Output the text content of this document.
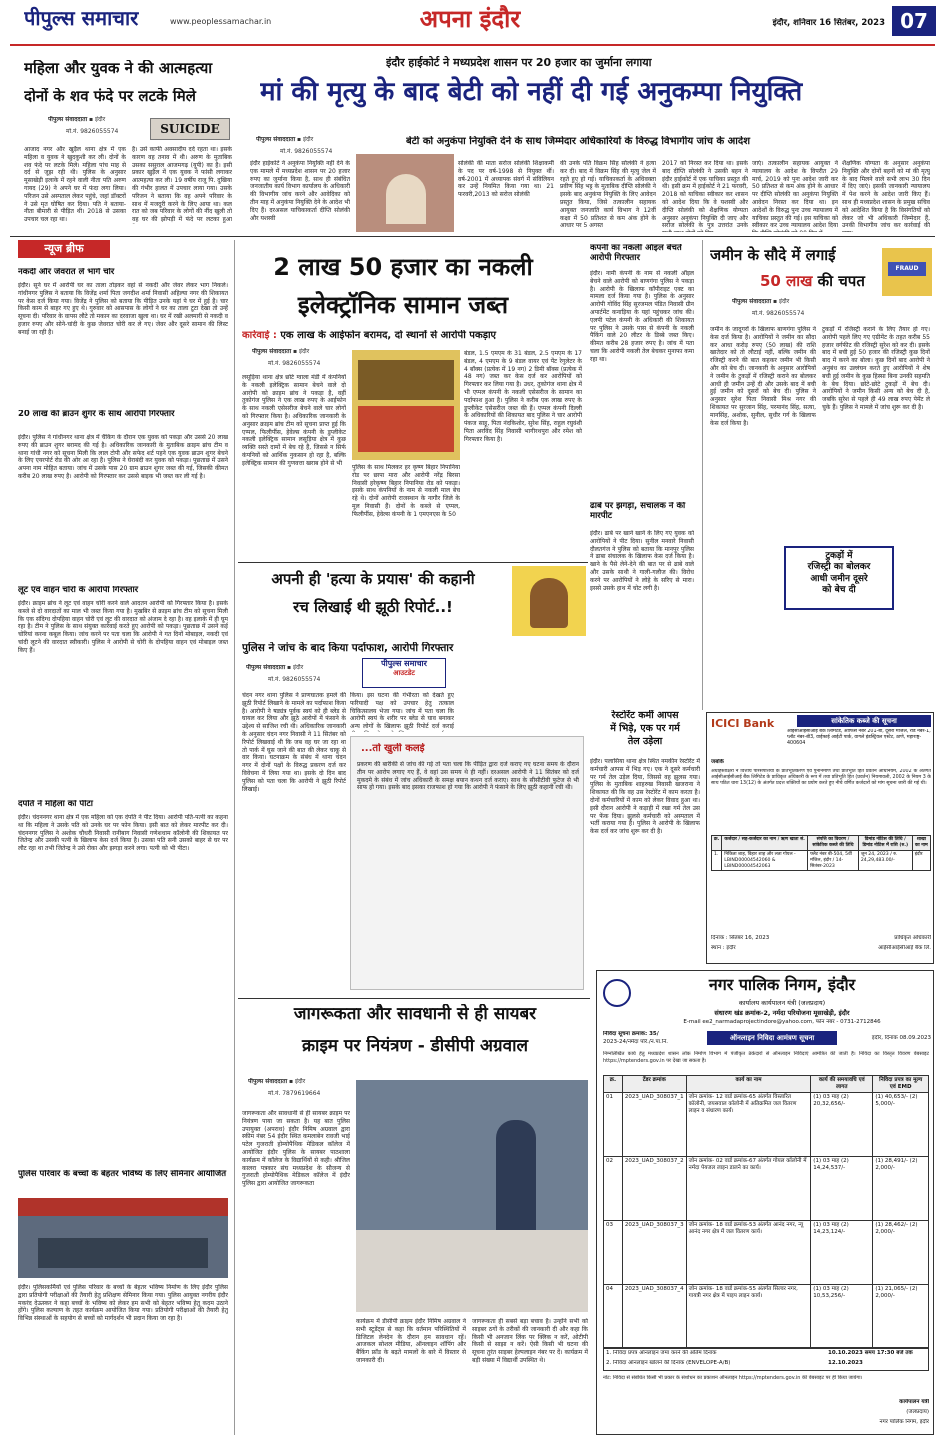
पीपुल्स समाचार	www.peoplessamachar.in	अपना इंदौर	इंदौर, शनिवार 16 सितंबर, 2023 07
महिला और युवक ने की आत्महत्या
दोनों के शव फंदे पर लटके मिले
पीपुल्स संवाददाता ▪ इंदौर
मो.नं. 9826055574	SUICIDE
आजाद नगर और खुड़ैल थाना क्षेत्र में एक महिला व युवक ने खुदकुशी कर ली। दोनों के शव फंदे पर लटके मिले। महिला पांच माह से दर्द से जूझ रही थी। पुलिस के अनुसार मूसाखेड़ी इलाके में रहने वाली नीता पति अरुण गायद (29) ने अपने घर में फंदा लगा लिया। परिजन उसे अस्पताल लेकर पहुंचे, जहां डॉक्टरों ने उसे मृत घोषित कर दिया। पति ने बताया-नीता बीमारी से पीड़ित थी। 2018 से उसका उपचार चल रहा था।
है। उसे काफी अवसादीय दर्द रहता था। इसके कारण वह तनाव में थी। अरुण के मुताबिक उसका ससुराल आजमगढ़ (यूपी) का है। इसी प्रकार खुड़ैल में एक युवक ने फांसी लगाकर आत्महत्या कर ली। 19 वर्षीय राजू पि. दुखिया की गंभीर हालत में उपचार लाया गया। उसके परिजन ने बताया कि वह अपने परिवार के साथ में मजदूरी करने के लिए आया था। कल रात को जब परिवार के लोगों की नींद खुली तो वह घर की झोपड़ी में फंदे पर लटका हुआ
इंदौर हाईकोर्ट ने मध्यप्रदेश शासन पर 20 हजार का जुर्माना लगाया
मां की मृत्यु के बाद बेटी को नहीं दी गई अनुकम्पा नियुक्ति
पीपुल्स संवाददाता ▪ इंदौर
मो.नं. 9826055574
बेटी को अनुकंपा नियुक्ति देने के साथ जिम्मेदार अधिकारियों के विरुद्ध विभागीय जांच के आदेश
इंदौर हाईकोर्ट ने अनुकंपा नियुक्ति नहीं देने के एक मामले में मध्यप्रदेश शासन पर 20 हजार रुपए का जुर्माना किया है, साथ ही संबंधित जनजातीय कार्य विभाग कार्यालय के अधिकारी की विभागीय जांच करने और आवेदिका को तीन माह में अनुकंपा नियुक्ति देने के आदेश भी दिए हैं। दरअसल याचिकाकर्ता दीप्ति सोलंकी और यशस्वी
सोलंकी की माता सरोज सोलंकी शिक्षाकर्मी के पद पर वर्ष-1998 से नियुक्त थीं। वर्ष-2001 में अध्यापक संवर्ग में संविलियन कर उन्हें नियमित किया गया था। 21 फरवरी,2013 को सरोज सोलंकी
की उनके पति विक्रम सिंह सोलंकी ने हत्या कर दी। बाद में विक्रम सिंह की मृत्यु जेल में रहते हुए हो गई। याचिकाकर्ता के अधिवक्ता प्रवीण सिंह भट्ट के मुताबिक दीप्ति सोलंकी ने इसके बाद अनुकंपा नियुक्ति के लिए आवेदन प्रस्तुत किया, जिसे तत्कालीन सहायक आयुक्त जनजाति कार्य विभाग ने 12वीं कक्षा में 50 प्रतिशत से कम अंक होने के आधार पर 5 अगस्त
2017 को निरस्त कर दिया था। इसके बाद दीप्ति सोलंकी ने उसकी बहन ने इंदौर हाईकोर्ट में एक याचिका प्रस्तुत की थी। इसी क्रम में हाईकोर्ट ने 21 फरवरी, 2018 को याचिका स्वीकार कर शासन को आदेश दिया कि वे यशस्वी और दीप्ति सोलंकी को शैक्षणिक योग्यता अनुसार अनुकंपा नियुक्ति दी जाए और सरोज सोलंकी के पुत्र उत्तरांत उनके
जाएं। तत्कालीन सहायक आयुक्त ने न्यायालय के आदेश के विपरीत 29 मार्च, 2019 को पुनः आदेश जारी कर 50 प्रतिशत से कम अंक होने के आधार पर दीप्ति सोलंकी का अनुकंपा नियुक्ति आवेदन निरस्त कर दिया था। इन आदेशों के विरुद्ध पुनः उच्च न्यायालय में याचिका प्रस्तुत की गई। इस याचिका को स्वीकार कर उच्च न्यायालय आदेश दिया
शैक्षणिक योग्यता के अनुसार अनुकंपा नियुक्ति और दोनों बहनों को मां की मृत्यु के बाद मिलने वाले सभी लाभ 30 दिन में दिए जाएं। इसकी जानकारी न्यायालय में पेश करने के आदेश जारी किए हैं। साथ ही मध्यप्रदेश शासन के प्रमुख सचिव को आदेशित किया है कि विसंगतियों को लेकर जो भी अधिकारी जिम्मेदार हैं, उनकी विभागीय जांच कर कार्रवाई की
न्यूज ब्रीफ
नकदी और जेवरात ले भागे चोर
इंदौर। सूने घर में आरोपी घर का ताला तोड़कर वहां से नकदी और जेवर लेकर भाग निकले। गांधीनगर पुलिस ने बताया कि विजेंद्र शर्मा पिता जगदीश शर्मा निवासी अहिल्या नगर की शिकायत पर केस दर्ज किया गया। विजेंद्र ने पुलिस को बताया कि पीड़ित उनके यहां पे घर में हुई है। चार किसी काम से बाहर गए हुए थे। गुरुवार को आसपास के लोगों ने घर का ताला टूटा देखा तो उन्हें सूचना दी। परिवार के वापस लौटे तो मकान का दरवाजा खुला था। घर में रखी अलमारी से नकदी व हजार रुपए और सोने-चांदी के कुछ जेवरात चोरी कर ले गए। जेवर और दूसरे सामान की लिस्ट बनाई जा रही है।
20 लाख की ब्राउन शुगर के साथ आरोपी गिरफ्तार
इंदौर। पुलिस ने गांधीनगर थाना क्षेत्र में चैकिंग के दौरान एक युवक को पकड़ा और उससे 20 लाख रुपए की ब्राउन शुगर बरामद की गई है। अधिकारिक जानकारी के मुताबिक क्राइम ब्रांच टीम व थाना गांधी नगर को सूचना मिली कि लाल टोपी और सफेद शर्ट पहने एक युवक ब्राउन शुगर बेचने के लिए एयरपोर्ट रोड की ओर आ रहा है। पुलिस ने घेराबंदी कर युवक को पकड़ा। पूछताछ में उसने अपना नाम मोहित बताया। जांच में उसके पास 20 ग्राम ब्राउन शुगर जब्त की गई, जिसकी कीमत करीब 20 लाख रुपए है। आरोपी को गिरफ्तार कर उससे बाइक भी जब्त कर ली गई है।
लूट एवं वाहन चोरों के आरोपी गिरफ्तार
इंदौर। क्राइम ब्रांच ने लूट एवं वाहन चोरी करने वाले आदतन आरोपी को गिरफ्तार किया है। इसके कब्जे से दो वारदातों का माल भी जब्त किया गया है। मुखबिर से क्राइम ब्रांच टीम को सूचना मिली कि एक संदिग्ध दोपहिया वाहन चोरी एवं लूट की वारदात को अंजाम दे रहा है। वह इलाके में ही घूम रहा है। टीम ने पुलिस के साथ संयुक्त कार्रवाई करते हुए आरोपी को पकड़ा। पूछताछ में उसने कई चोरियां करना कबूल किया। जांच करने पर पता चला कि आरोपी ने गत दिनों मोबाइल, नकदी एवं चांदी लूटने की वारदात स्वीकारी। पुलिस ने आरोपी से चोरी के दोपहिया वाहन एवं मोबाइल जब्त किए हैं।
दंपति ने महिला को पीटा
इंदौर। चंदननगर थाना क्षेत्र में एक महिला को एक दंपति ने पीट दिया। आरोपी पति-पत्नी का कहना था कि महिला ने उसके पति को उनके घर पर फोन किया। इसी बात को लेकर मारपीट कर दी। चंदननगर पुलिस ने अशोक चौधरी निवासी रानीबाग निवासी गणेशधाम कॉलोनी की शिकायत पर जितेन्द्र और उसकी पत्नी के खिलाफ केस दर्ज किया है। उसका पति सनी उसको बाहर से घर पर लौट रहा था तभी जितेन्द्र ने उसे रोका और झगड़ा करने लगा। पत्नी को भी पीटा।
पुलिस परिवार के बच्चों के बेहतर भविष्य के लिए सेमिनार आयोजित
इंदौर। पुलिसकर्मियों एवं पुलिस परिवार के बच्चों के बेहतर भविष्य निर्माण के लिए इंदौर पुलिस द्वारा प्रतियोगी परीक्षाओं की तैयारी हेतु प्रशिक्षण सेमिनार किया गया। पुलिस आयुक्त नगरीय इंदौर मकरंद देऊस्कर ने कहा बच्चों के भविष्य को लेकर हम सभी को बेहतर भविष्य हेतु कदम उठाने होंगे। पुलिस कल्याण के तहत कार्यक्रम आयोजित किया गया। प्रतियोगी परीक्षाओं की तैयारी हेतु विभिन्न संस्थाओं के सहयोग से बच्चों को मार्गदर्शन भी प्रदान किया जा रहा है।
2 लाख 50 हजार का नकली
इलेक्ट्रॉनिक सामान जब्त
कार्रवाई : एक लाख के आईफोन बरामद, दो स्थानों से आरोपी पकड़ाए
पीपुल्स संवाददाता ▪ इंदौर
मो.नं. 9826055574
लसूड़िया थाना क्षेत्र छोटे ग्वाला मंडी में कंपनियों के नकली इलेक्ट्रिक सामान बेचने वाले दो आरोपी को क्राइम ब्रांच ने पकड़ा है, वहीं तुकोगंज पुलिस ने एक लाख रुपए के आईफोन के साथ नकली एसेसरीज बेचने वाले चार लोगों को गिरफ्तार किया है। अधिकारिक जानकारी के अनुसार क्राइम ब्रांच टीम को सूचना प्राप्त हुई कि एप्पल, फिलीपींस, हेवेल्स कंपनी के डुप्लीकेट नकली इलेक्ट्रिक सामान लसूड़िया क्षेत्र में कुछ व्यक्ति सस्ते दामों में बेच रहे हैं, जिससे न सिर्फ कंपनियों को आर्थिक नुकसान हो रहा है, बल्कि इलेक्ट्रिक सामान की गुणवत्ता खराब होने से भी
पुलिस के साथ मिलकर हर कृष्ण बिहार निपानिया रोड पर छापा मारा और आरोपी नरेंद्र बिरसा निवासी हरेकृष्ण बिहार निपानिया रोड को पकड़ा। इसके साथ कंपनियों के नाम से नकली माल बेच रहे थे। दोनों आरोपी राजस्थान के नागौर जिले के मूल निवासी हैं। दोनों के कब्जे से एप्पल, फिलीपींस, हेवेल्स कंपनी के 1 एमएनएस के 50
बंडल, 1.5 एमएम के 31 बंडल, 2.5 एमएम के 17 बंडल, 4 एमएम के 9 बंडल वायर एवं पेंट रेगुलेटर के 4 बॉक्स (प्रत्येक में 19 नग) 2 डिमी बॉक्स (प्रत्येक में 48 नग) जब्त कर केस दर्ज कर आरोपियों को गिरफ्तार कर लिया गया है। उधर, तुकोगंज थाना क्षेत्र में भी एप्पल कंपनी के नकली एसेसरीज के सामान का पर्दाफाश हुआ है। पुलिस ने करीब एक लाख रुपए के डुप्लीकेट एसेसरीज जब्त की हैं। एप्पल कंपनी दिल्ली के अधिकारियों की शिकायत बाद पुलिस ने चार आरोपी पंकज साहू, पिता नंदकिशोर, सुरेश सिंह, राहुल रघुवंशी पिता अरविंद सिंह निवासी भागीरथपुरा और रमेश को गिरफ्तार किया है।
कंपनी का नकली ऑइल बेचते आरोपी गिरफ्तार
इंदौर। नामी कंपनी के नाम से नकली ऑइल बेचने वाले आरोपी को बाणगंगा पुलिस ने पकड़ा है। आरोपी के खिलाफ कॉपीराइट एक्ट का मामला दर्ज किया गया है। पुलिस के अनुसार आरोपी गोविंद सिंह सुरजमल पंडित निवासी ग्रीन अपार्टमेंट कनाड़िया के यहां पहुंचकर जांच की। एलपी पटेल कंपनी के अधिकारी की शिकायत पर पुलिस ने उसके पास से कंपनी के नकली पैकिंग वाले 20 लीटर के डिब्बे जब्त किए। कीमत करीब 28 हजार रुपए है। जांच में पता चला कि आरोपी नकली तेल बेचकर मुनाफा कमा रहा था।
ढाबे पर झगड़ा, संचालक ने की मारपीट
इंदौर। ढाबे पर खाने खाने के लिए गए युवक को आरोपियों ने पीट दिया। सुनील मनवारे निवासी दौलतगंज ने पुलिस को बताया कि मानपुर पुलिस ने ढाबा संचालक के खिलाफ केस दर्ज किया है। खाने के पैसे लेने-देने की बात पर से ढाबे वाले और उसके साथी ने गाली-गलौज की। विरोध करने पर आरोपियों ने लोहे के सरिए से मारा। इससे उसके हाथ में चोट लगी है।
जमीन के सौदे में लगाई
50 लाख की चपत
FRAUD
पीपुल्स संवाददाता ▪ इंदौर
मो.नं. 9826055574
जमीन के जादूगरों के खिलाफ बाणगंगा पुलिस ने केस दर्ज किया है। आरोपियों ने जमीन का सौदा कर आधा करोड़ रुपए (50 लाख) की राशि खातेदार को तो लौटाई नहीं, बल्कि जमीन की रजिस्ट्री करने की बात कहकर जमीन भी किसी और को बेच दी। जानकारी के अनुसार आरोपियों ने जमीन के टुकड़ों में रजिस्ट्री कराने का बोलकर आधी ही जमीन उन्हें दी और उसके बाद में बची हुई जमीन को दूसरों को बेच दी। पुलिस ने अनुसार सुरेश पिता निवासी मिश्र नगर की शिकायत पर सुरजान सिंह, परमानंद सिंह, सत्या, मानसिंह, अशोक, सुनील, सुधीर गर्ग के खिलाफ केस दर्ज किया है।
टुकड़ों में रजिस्ट्री कराने के लिए तैयार हो गए। आरोपी पहले लिए गए एग्रीमेंट के तहत करीब 55 हजार वर्गफीट की रजिस्ट्री सुरेश को कर दी। इसके बाद में बची हुई 50 हजार की रजिस्ट्री कुछ दिनों बाद में करने का बोला। कुछ दिनों बाद आरोपी ने अनुबंध का उल्लंघन करते हुए आरोपियों ने शेष बची हुई जमीन के कुछ हिस्सा बिना उनकी सहमति के बेच दिया। छोटे-छोटे टुकड़ों में बेच दी। आरोपियों ने जमीन किसी अन्य को बेच दी है, जबकि सुरेश से पहले ही 49 लाख रुपए पेमेंट ले चुके हैं। पुलिस ने मामले में जांच शुरू कर दी है।
टुकड़ों में
रजिस्ट्री का बोलकर
आधी जमीन दूसरे
को बेच दी
अपनी ही 'हत्या के प्रयास' की कहानी
रच लिखाई थी झूठी रिपोर्ट..!
पुलिस ने जांच के बाद किया पर्दाफाश, आरोपी गिरफ्तार
पीपुल्स संवाददाता ▪ इंदौर
मो.नं. 9826055574
पीपुल्स समाचार
आउटडेट
चंदन नगर थाना पुलिस ने प्राणघातक हमले की झूठी रिपोर्ट लिखाने के मामले का पर्दाफाश किया है। आरोपी ने षड्यंत्र पूर्वक स्वयं को ही ब्लेड से घायल कर लिया और झूठे आरोपों में फंसाने के उद्देश्य से साजिश रची थी। अधिकारिक जानकारी के अनुसार चंदन नगर निवासी ने 11 सितंबर को रिपोर्ट लिखवाई थी कि जब वह घर जा रहा था तो पार्क में घुस जाने की बात की लेकर चाकू से वार किया। घटनाक्रम के संबंध में थाना चंदन नगर में दोनों पक्षों के विरुद्ध प्रकरण दर्ज कर विवेचना में लिया गया था। इसके दो दिन बाद पुलिस को पता चला कि आरोपी ने झूठी रिपोर्ट लिखाई।
किया। इस घटना की गंभीरता को देखते हुए फरियादी पक्ष को उपचार हेतु तत्काल चिकित्सालय भेजा गया। जांच में पता चला कि आरोपी स्वयं के शरीर पर ब्लेड से घाव बनाकर अन्य लोगों के खिलाफ झूठी रिपोर्ट दर्ज कराई
...तो खुली कलई
प्रकरण की बारीकी से जांच की गई तो पता चला कि पीड़ित द्वारा दर्ज कराए गए घटना समय के दौरान तीन पर आरोप लगाए गए हैं, वे वहां उस समय थे ही नहीं। दरअसल आरोपी ने 11 सितंबर को दर्ज मुकदमे के संबंध में जांच अधिकारी के समक्ष बयान कथन दर्ज कराए। साथ के सीसीटीवी फुटेज से भी साफ हो गया। इसके बाद इसका राजफाश हो गया कि आरोपी ने फंसाने के लिए झूठी कहानी रची थी।
रेस्टोरेंट कर्मी आपस
में भिड़े, एक पर गर्म
तेल उड़ेला
इंदौर। पलासिया थाना क्षेत्र स्थित नमकीन रेस्टोरेंट में कर्मचारी आपस में भिड़ गए। एक ने दूसरे कर्मचारी पर गर्म तेल उड़ेल दिया, जिससे वह झुलस गया। पुलिस के मुताबिक शाहरुख निवासी खजराना ने शिकायत की कि वह उस रेस्टोरेंट में काम करता है। दोनों कर्मचारियों में काम को लेकर विवाद हुआ था। इसी दौरान आरोपी ने कड़ाही में रखा गर्म तेल उस पर फेंक दिया। झुलसे कर्मचारी को अस्पताल में भर्ती कराया गया है। पुलिस ने आरोपी के खिलाफ केस दर्ज कर जांच शुरू कर दी है।
ICICI Bank	सांकेतिक कब्जे की सूचना
आईसीआईसीआई बैंक लिमिटेड, ऑफिस नंबर 201-बी, दूसरी मंजिल, रोड नंबर-1, प्लॉट नंबर-बी3, वाईफाई आईटी पार्क, वागले इंडस्ट्रियल एस्टेट, ठाणे, महाराष्ट्र- 400604
जबकि
अधोहस्ताक्षरी ने वित्तीय परिसंपत्तियों के प्रतिभूतिकरण एवं पुनर्निर्माण तथा प्रतिभूति हित प्रवर्तन अधिनियम, 2002 के अंतर्गत आईसीआईसीआई बैंक लिमिटेड के प्राधिकृत अधिकारी के रूप में तथा प्रतिभूति हित (प्रवर्तन) नियमावली, 2002 के नियम 3 के साथ पठित धारा 13(12) के अंतर्गत प्रदत्त शक्तियों का प्रयोग करते हुए नीचे वर्णित कर्जदारों को मांग सूचना जारी की गई थी।
क्र.	कर्जदार / सह-कर्जदार का नाम / ऋण खाता सं.	संपत्ति का विवरण / सांकेतिक कब्जे की तिथि	डिमांड नोटिस की तिथि / डिमांड नोटिस में राशि (रु.)	शाखा का नाम
1.	निकिता शाह, विहार शाह और लता गोयल - LBIND00004542060 & LBIND00004542063	फ्लैट नंबर बी-504, 5वीं मंजिल, इंदौर / 14-सितंबर-2023	जून 24, 2023 / रु. 24,29,483.00/-	इंदौर
दिनांक : सितंबर 16, 2023
स्थान : इंदौर
प्राधिकृत अधिकारी
आईसीआईसीआई बैंक लि.
नगर पालिक निगम, इंदौर
कार्यालय कार्यपालन यंत्री (जलप्रदाय)
संधारण खंड क्रमांक-2, नर्मदा परियोजना मूसाखेड़ी, इंदौर
E-mail ee2_narmadaprojectindore@yahoo.com, फोन नंबर - 0731-2712846
निविदा सूचना क्रमांक: 35/
2023-24/नर्मदा परि./न.पा.नि.	ऑनलाइन निविदा आमंत्रण सूचना	इंदौर, दिनांक 08.09.2023
निम्नलिखित कार्य हेतु मध्यप्रदेश शासन लोक निर्माण विभाग में पंजीकृत ठेकेदारों से ऑनलाइन निविदाएं आमंत्रित की जाती हैं। निविदा का विस्तृत विवरण वेबसाइट https://mptenders.gov.in पर देखा जा सकता है।
क्र.	टेंडर क्रमांक	कार्य का नाम	कार्य की समयावधि एवं लागत	निविदा प्रपत्र का मूल्य एवं EMD
01	2023_UAD_308037_1	जोन क्रमांक- 12 वार्ड क्रमांक-65 अंतर्गत विस्तारित कॉलोनी, जयसवाल कॉलोनी में अतिक्रमित जल वितरण लाइन व संधारण कार्य।	(1) 03 माह (2) 20,32,656/-	(1) 40,653/- (2) 5,000/-
02	2023_UAD_308037_2	जोन क्रमांक- 02 वार्ड क्रमांक-67 अंतर्गत गोयल कॉलोनी में नर्मदा पेयजल लाइन डालने का कार्य।	(1) 03 माह (2) 14,24,537/-	(1) 28,491/- (2) 2,000/-
03	2023_UAD_308037_3	जोन क्रमांक- 18 वार्ड क्रमांक-53 अंतर्गत आनंद नगर, न्यू आनंद नगर क्षेत्र में जल वितरण कार्य।	(1) 03 माह (2) 14,23,124/-	(1) 28,462/- (2) 2,000/-
04	2023_UAD_308037_4	जोन क्रमांक- 18 वार्ड क्रमांक-55 अंतर्गत सिल्वर नगर, गायत्री नगर क्षेत्र में पाइप लाइन कार्य।	(1) 03 माह (2) 10,53,256/-	(1) 21,065/- (2) 2,000/-
1. निविदा प्रपत्र ऑनलाइन जमा करने की अंतिम दिनांक	10.10.2023 समय 17:30 बजे तक
2. निविदा ऑनलाइन खोलने की दिनांक (ENVELOPE-A/B)	12.10.2023
नोट: निविदा से संबंधित किसी भी प्रकार के संशोधन का प्रकाशन ऑनलाइन https://mptenders.gov.in की वेबसाइट पर ही किया जायेगा।
कार्यपालन यंत्री
(जलप्रदाय)
नगर पालिक निगम, इंदौर
जागरूकता और सावधानी से ही सायबर
क्राइम पर नियंत्रण - डीसीपी अग्रवाल
पीपुल्स संवाददाता ▪ इंदौर
मो.नं. 7879619664
जागरूकता और सावधानी से ही सायबर क्राइम पर नियंत्रण पाया जा सकता है। यह बात पुलिस उपायुक्त (अपराध) इंदौर निमिष अग्रवाल द्वारा स्कीम नंबर 54 इंदौर स्थित कमलाबेन रावजी भाई पटेल गुजराती होम्योपैथिक मेडिकल कॉलेज में आयोजित इंदौर पुलिस के सायबर पाठशाला कार्यक्रम में कॉलेज के विद्यार्थियों से कही। श्रीजिल कालरा पत्रकार संघ मध्यप्रदेश के सौजन्य से गुजराती होम्योपैथिक मेडिकल कॉलेज में इंदौर पुलिस द्वारा आयोजित जागरूकता
कार्यक्रम में डीसीपी क्राइम इंदौर निमिष अग्रवाल ने सभी स्टूडेंट्स से कहा कि वर्तमान परिस्थितियों में डिजिटल लेनदेन के दौरान हम सावधान रहें। आजकल सोशल मीडिया, ऑनलाइन शॉपिंग और बैंकिंग फ्रॉड के बढ़ते मामलों के बारे में विस्तार से जानकारी दी।
जागरूकता ही सबसे बड़ा बचाव है। उन्होंने सभी को साइबर ठगों के तरीकों की जानकारी दी और कहा कि किसी भी अनजान लिंक पर क्लिक न करें, ओटीपी किसी से साझा न करें। ऐसी किसी भी घटना की सूचना तुरंत साइबर हेल्पलाइन नंबर पर दें। कार्यक्रम में बड़ी संख्या में विद्यार्थी उपस्थित थे।
